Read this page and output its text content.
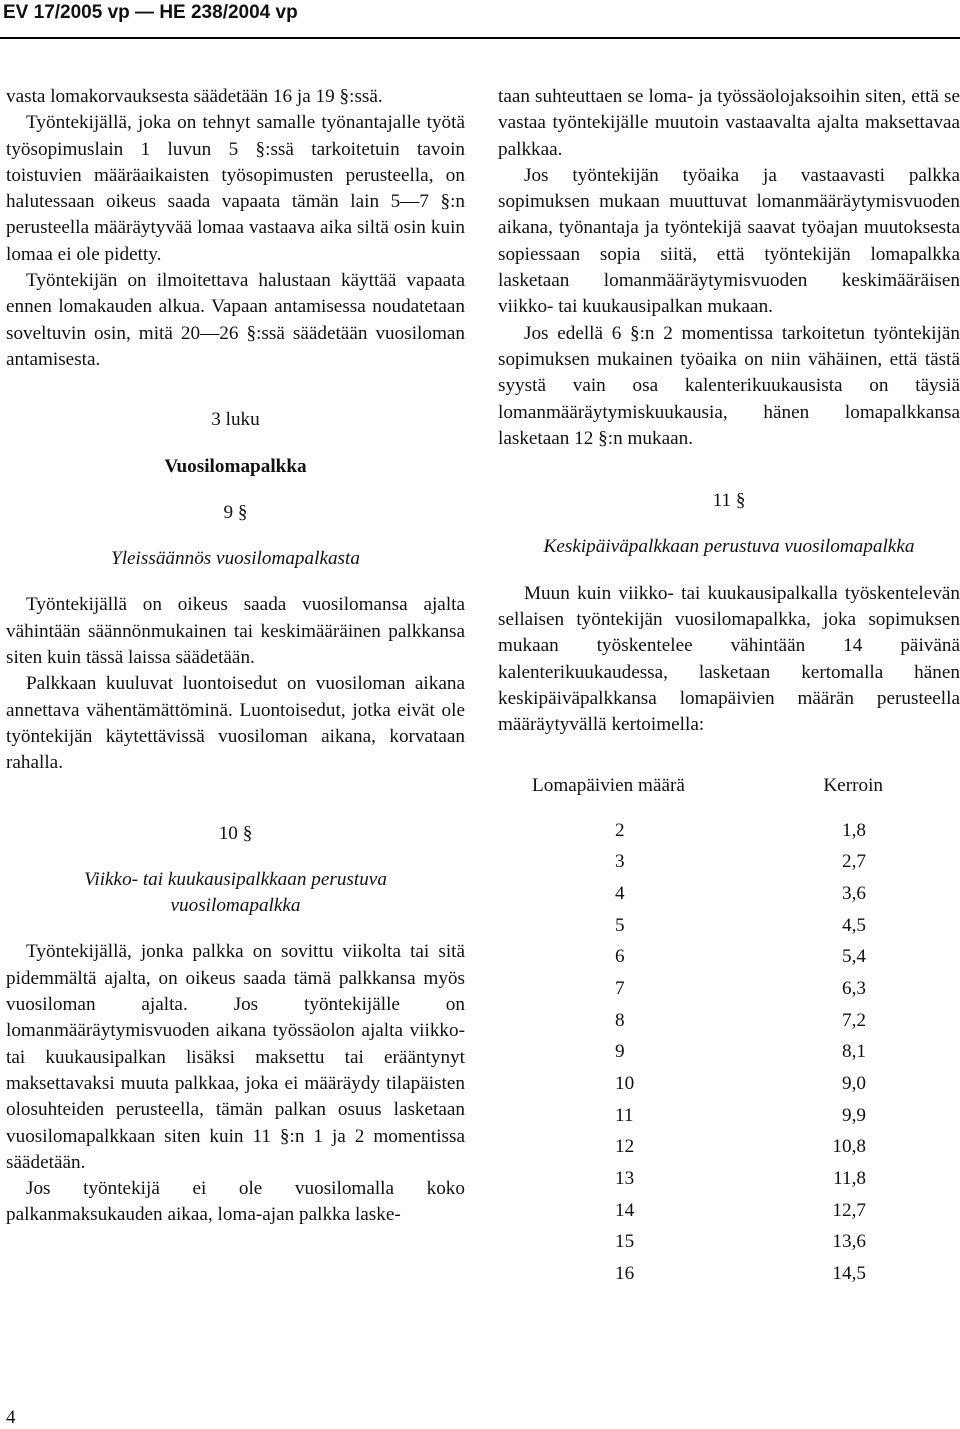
EV 17/2005 vp — HE 238/2004 vp

vasta lomakorvauksesta säädetään 16 ja 19 §:ssä.

Työntekijällä, joka on tehnyt samalle työnantajalle työtä työsopimuslain 1 luvun 5 §:ssä tarkoitetuin tavoin toistuvien määräaikaisten työsopimusten perusteella, on halutessaan oikeus saada vapaata tämän lain 5—7 §:n perusteella määräytyvää lomaa vastaava aika siltä osin kuin lomaa ei ole pidetty.

Työntekijän on ilmoitettava halustaan käyttää vapaata ennen lomakauden alkua. Vapaan antamisessa noudatetaan soveltuvin osin, mitä 20—26 §:ssä säädetään vuosiloman antamisesta.

3 luku

Vuosilomapalkka

9 §

Yleissäännös vuosilomapalkasta

Työntekijällä on oikeus saada vuosilomansa ajalta vähintään säännönmukainen tai keskimääräinen palkkansa siten kuin tässä laissa säädetään.

Palkkaan kuuluvat luontoisedut on vuosiloman aikana annettava vähentämättöminä. Luontoisedut, jotka eivät ole työntekijän käytettävissä vuosiloman aikana, korvataan rahalla.

10 §

Viikko- tai kuukausipalkkaan perustuva vuosilomapalkka

Työntekijällä, jonka palkka on sovittu viikolta tai sitä pidemmältä ajalta, on oikeus saada tämä palkkansa myös vuosiloman ajalta. Jos työntekijälle on lomanmääräytymisvuoden aikana työssäolon ajalta viikko- tai kuukausipalkan lisäksi maksettu tai erääntynyt maksettavaksi muuta palkkaa, joka ei määräydy tilapäisten olosuhteiden perusteella, tämän palkan osuus lasketaan vuosilomapalkkaan siten kuin 11 §:n 1 ja 2 momentissa säädetään.

Jos työntekijä ei ole vuosilomalla koko palkanmaksukauden aikaa, loma-ajan palkka laske-

taan suhteuttaen se loma- ja työssäolojaksoihin siten, että se vastaa työntekijälle muutoin vastaavalta ajalta maksettavaa palkkaa.

Jos työntekijän työaika ja vastaavasti palkka sopimuksen mukaan muuttuvat lomanmääräytymisvuoden aikana, työnantaja ja työntekijä saavat työajan muutoksesta sopiessaan sopia siitä, että työntekijän lomapalkka lasketaan lomanmääräytymisvuoden keskimääräisen viikko- tai kuukausipalkan mukaan.

Jos edellä 6 §:n 2 momentissa tarkoitetun työntekijän sopimuksen mukainen työaika on niin vähäinen, että tästä syystä vain osa kalenterikuukausista on täysiä lomanmääräytymiskuukausia, hänen lomapalkkansa lasketaan 12 §:n mukaan.

11 §

Keskipäiväpalkkaan perustuva vuosilomapalkka

Muun kuin viikko- tai kuukausipalkalla työskentelevän sellaisen työntekijän vuosilomapalkka, joka sopimuksen mukaan työskentelee vähintään 14 päivänä kalenterikuukaudessa, lasketaan kertomalla hänen keskipäiväpalkkansa lomapäivien määrän perusteella määräytyvällä kertoimella:

Lomapäivien määrä	Kerroin
2	1,8
3	2,7
4	3,6
5	4,5
6	5,4
7	6,3
8	7,2
9	8,1
10	9,0
11	9,9
12	10,8
13	11,8
14	12,7
15	13,6
16	14,5
4
